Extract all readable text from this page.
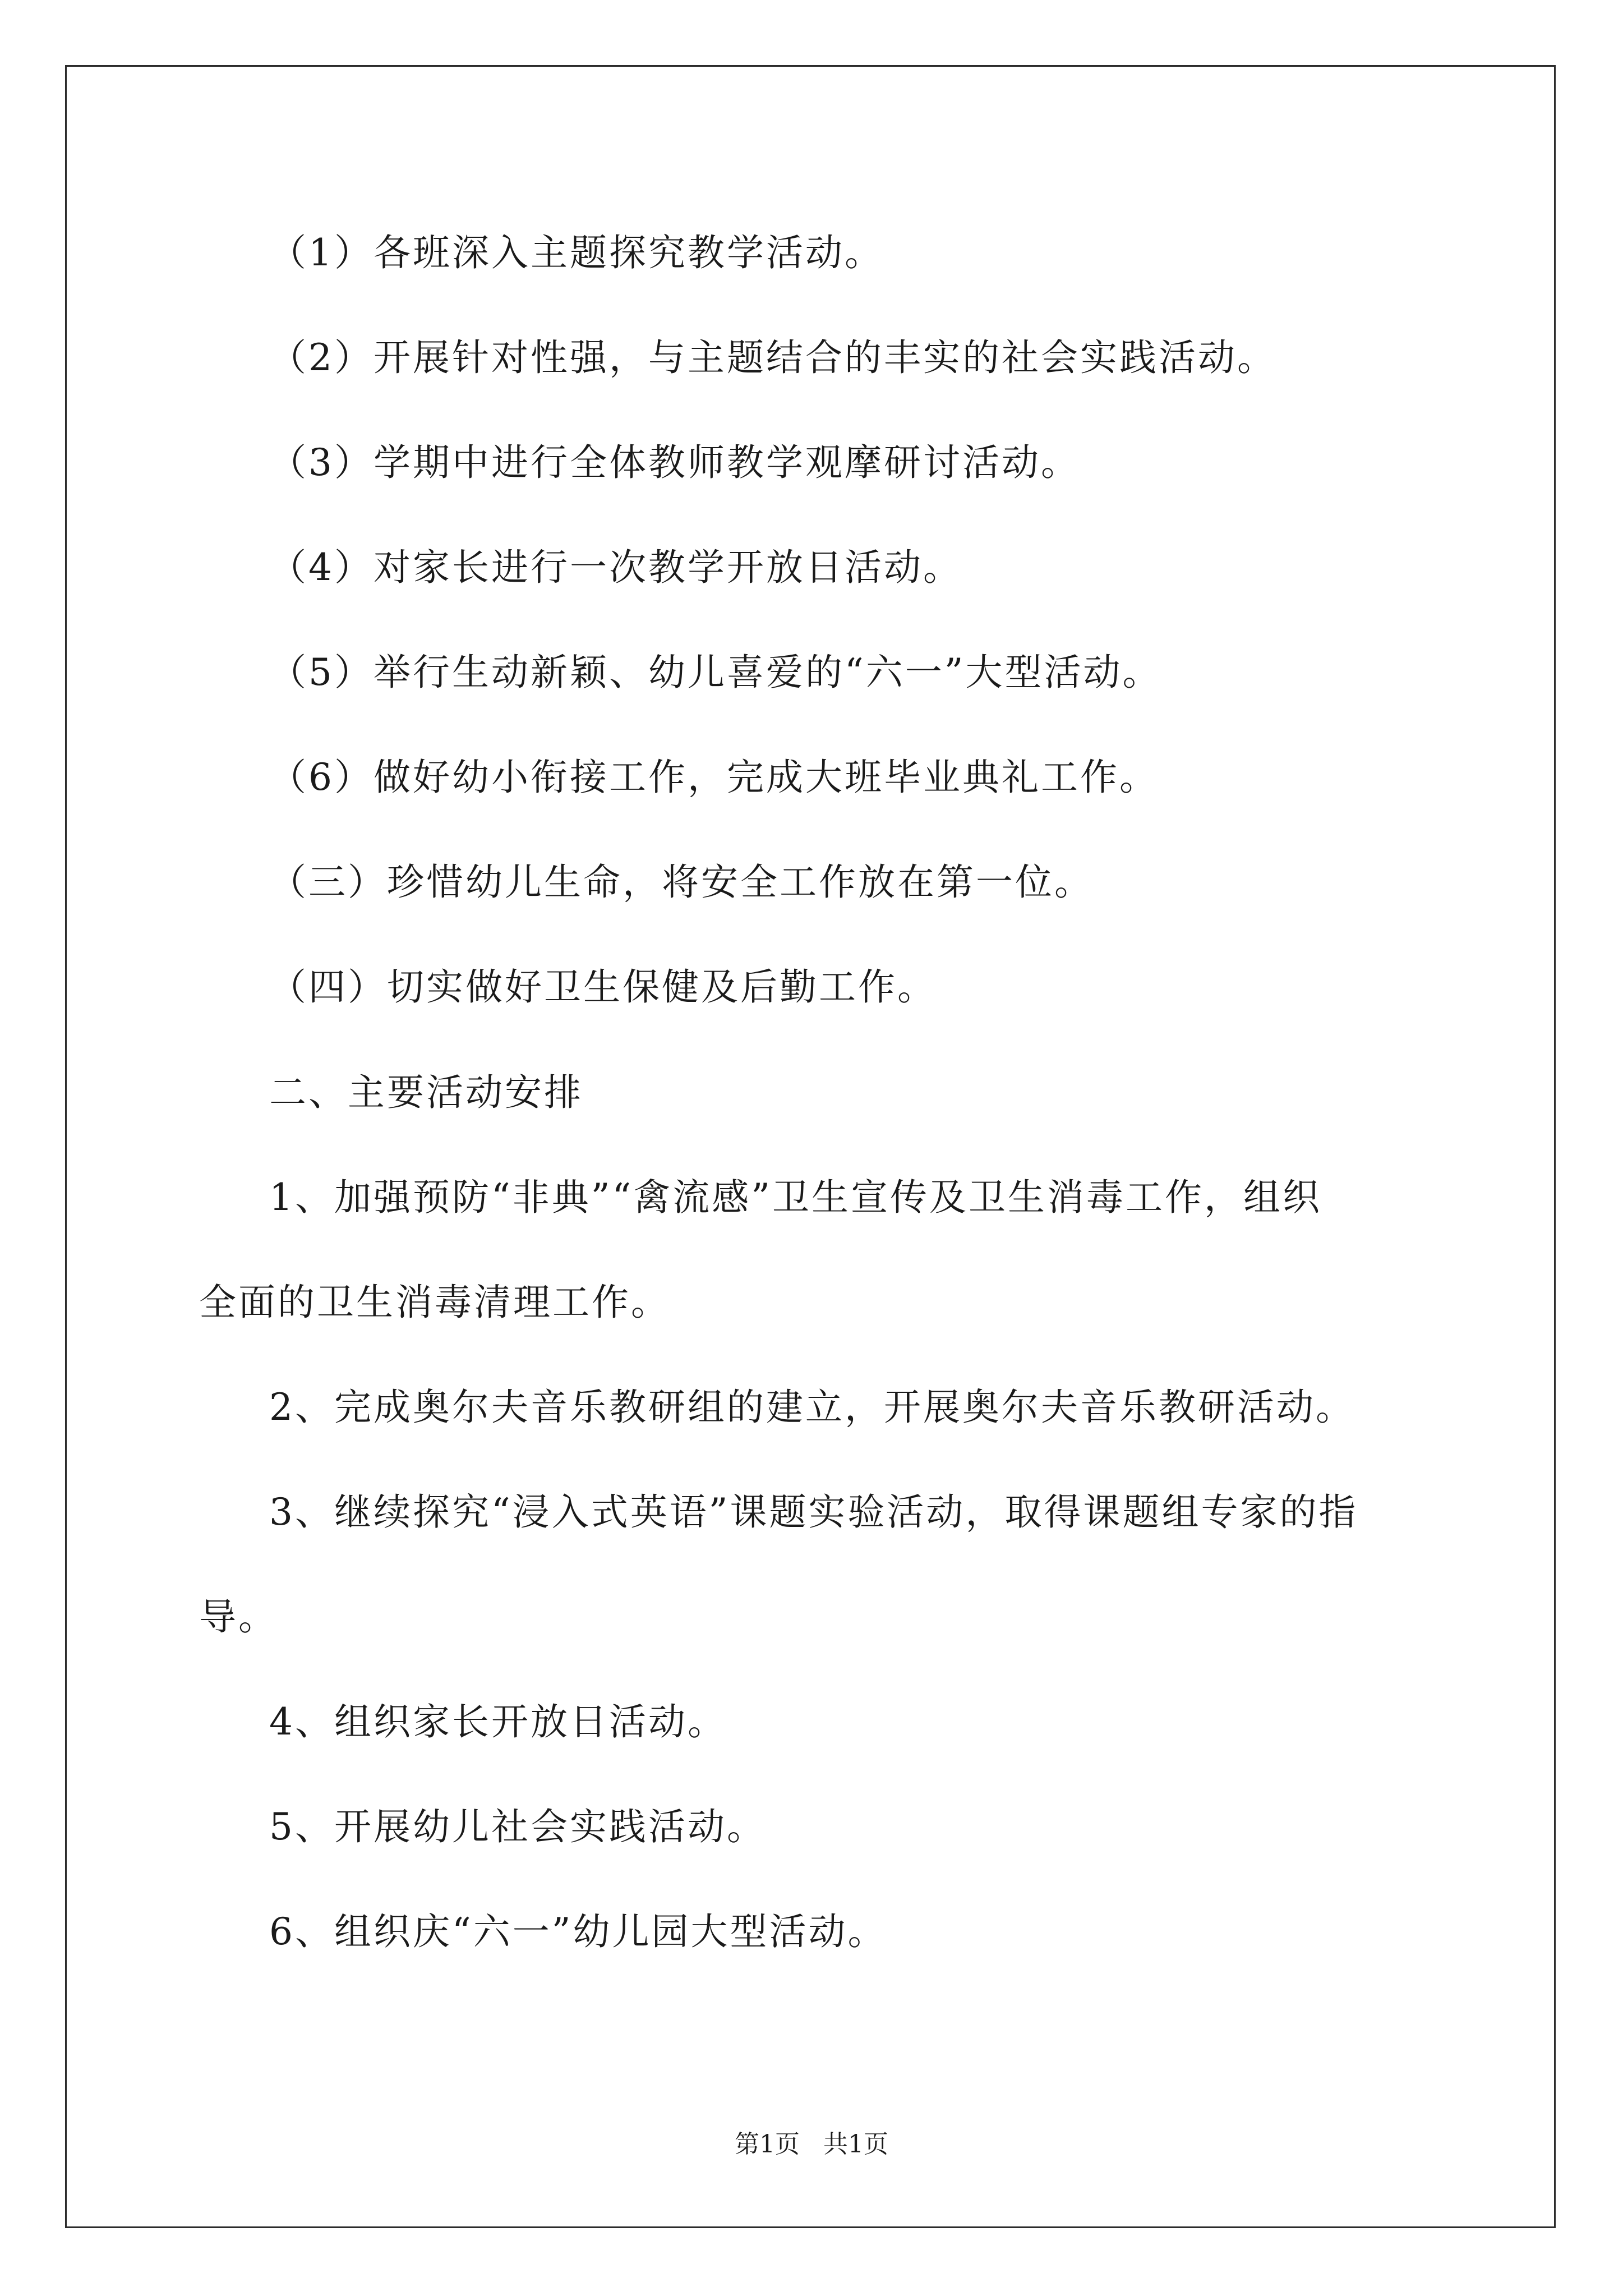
（1）各班深入主题探究教学活动。
（2）开展针对性强，与主题结合的丰实的社会实践活动。
（3）学期中进行全体教师教学观摩研讨活动。
（4）对家长进行一次教学开放日活动。
（5）举行生动新颖、幼儿喜爱的“六一”大型活动。
（6）做好幼小衔接工作，完成大班毕业典礼工作。
（三）珍惜幼儿生命，将安全工作放在第一位。
（四）切实做好卫生保健及后勤工作。
二、主要活动安排
1、加强预防“非典”“禽流感”卫生宣传及卫生消毒工作，组织
全面的卫生消毒清理工作。
2、完成奥尔夫音乐教研组的建立，开展奥尔夫音乐教研活动。
3、继续探究“浸入式英语”课题实验活动，取得课题组专家的指
导。
4、组织家长开放日活动。
5、开展幼儿社会实践活动。
6、组织庆“六一”幼儿园大型活动。
第1页 共1页
